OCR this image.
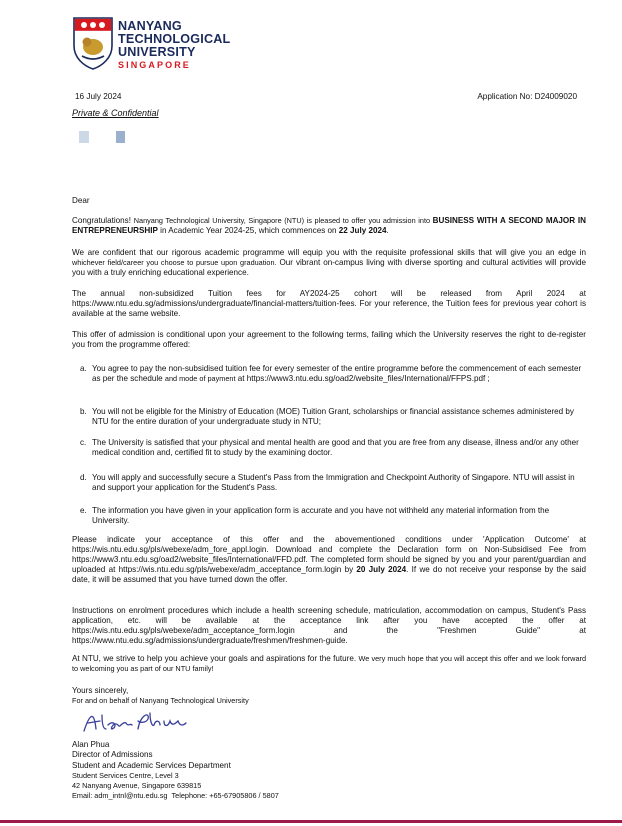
NANYANG
TECHNOLOGICAL
UNIVERSITY
SINGAPORE
16 July 2024	Application No: D24009020
Private & Confidential
Dear

Congratulations! Nanyang Technological University, Singapore (NTU) is pleased to offer you admission into BUSINESS WITH A SECOND MAJOR IN ENTREPRENEURSHIP in Academic Year 2024-25, which commences on 22 July 2024.

We are confident that our rigorous academic programme will equip you with the requisite professional skills that will give you an edge in whichever field/career you choose to pursue upon graduation. Our vibrant on-campus living with diverse sporting and cultural activities will provide you with a truly enriching educational experience.

The annual non-subsidized Tuition fees for AY2024-25 cohort will be released from April 2024 at https://www.ntu.edu.sg/admissions/undergraduate/financial-matters/tuition-fees. For your reference, the Tuition fees for previous year cohort is available at the same website.

This offer of admission is conditional upon your agreement to the following terms, failing which the University reserves the right to de-register you from the programme offered:

a. You agree to pay the non-subsidised tuition fee for every semester of the entire programme before the commencement of each semester as per the schedule and mode of payment at https://www3.ntu.edu.sg/oad2/website_files/International/FFPS.pdf ;
b. You will not be eligible for the Ministry of Education (MOE) Tuition Grant, scholarships or financial assistance schemes administered by NTU for the entire duration of your undergraduate study in NTU;
c. The University is satisfied that your physical and mental health are good and that you are free from any disease, illness and/or any other medical condition and, certified fit to study by the examining doctor.
d. You will apply and successfully secure a Student's Pass from the Immigration and Checkpoint Authority of Singapore. NTU will assist in and support your application for the Student's Pass.
e. The information you have given in your application form is accurate and you have not withheld any material information from the University.

Please indicate your acceptance of this offer and the abovementioned conditions under 'Application Outcome' at https://wis.ntu.edu.sg/pls/webexe/adm_fore_appl.login. Download and complete the Declaration form on Non-Subsidised Fee from https://www3.ntu.edu.sg/oad2/website_files/International/FFD.pdf. The completed form should be signed by you and your parent/guardian and uploaded at https://wis.ntu.edu.sg/pls/webexe/adm_acceptance_form.login by 20 July 2024. If we do not receive your response by the said date, it will be assumed that you have turned down the offer.

Instructions on enrolment procedures which include a health screening schedule, matriculation, accommodation on campus, Student's Pass application, etc. will be available at the acceptance link after you have accepted the offer at https://wis.ntu.edu.sg/pls/webexe/adm_acceptance_form.login and the "Freshmen Guide" at https://www.ntu.edu.sg/admissions/undergraduate/freshmen/freshmen-guide.

At NTU, we strive to help you achieve your goals and aspirations for the future. We very much hope that you will accept this offer and we look forward to welcoming you as part of our NTU family!

Yours sincerely,
For and on behalf of Nanyang Technological University
Alan Phua
Director of Admissions
Student and Academic Services Department
Student Services Centre, Level 3
42 Nanyang Avenue, Singapore 639815
Email: adm_intnl@ntu.edu.sg Telephone: +65-67905806 / 5807
